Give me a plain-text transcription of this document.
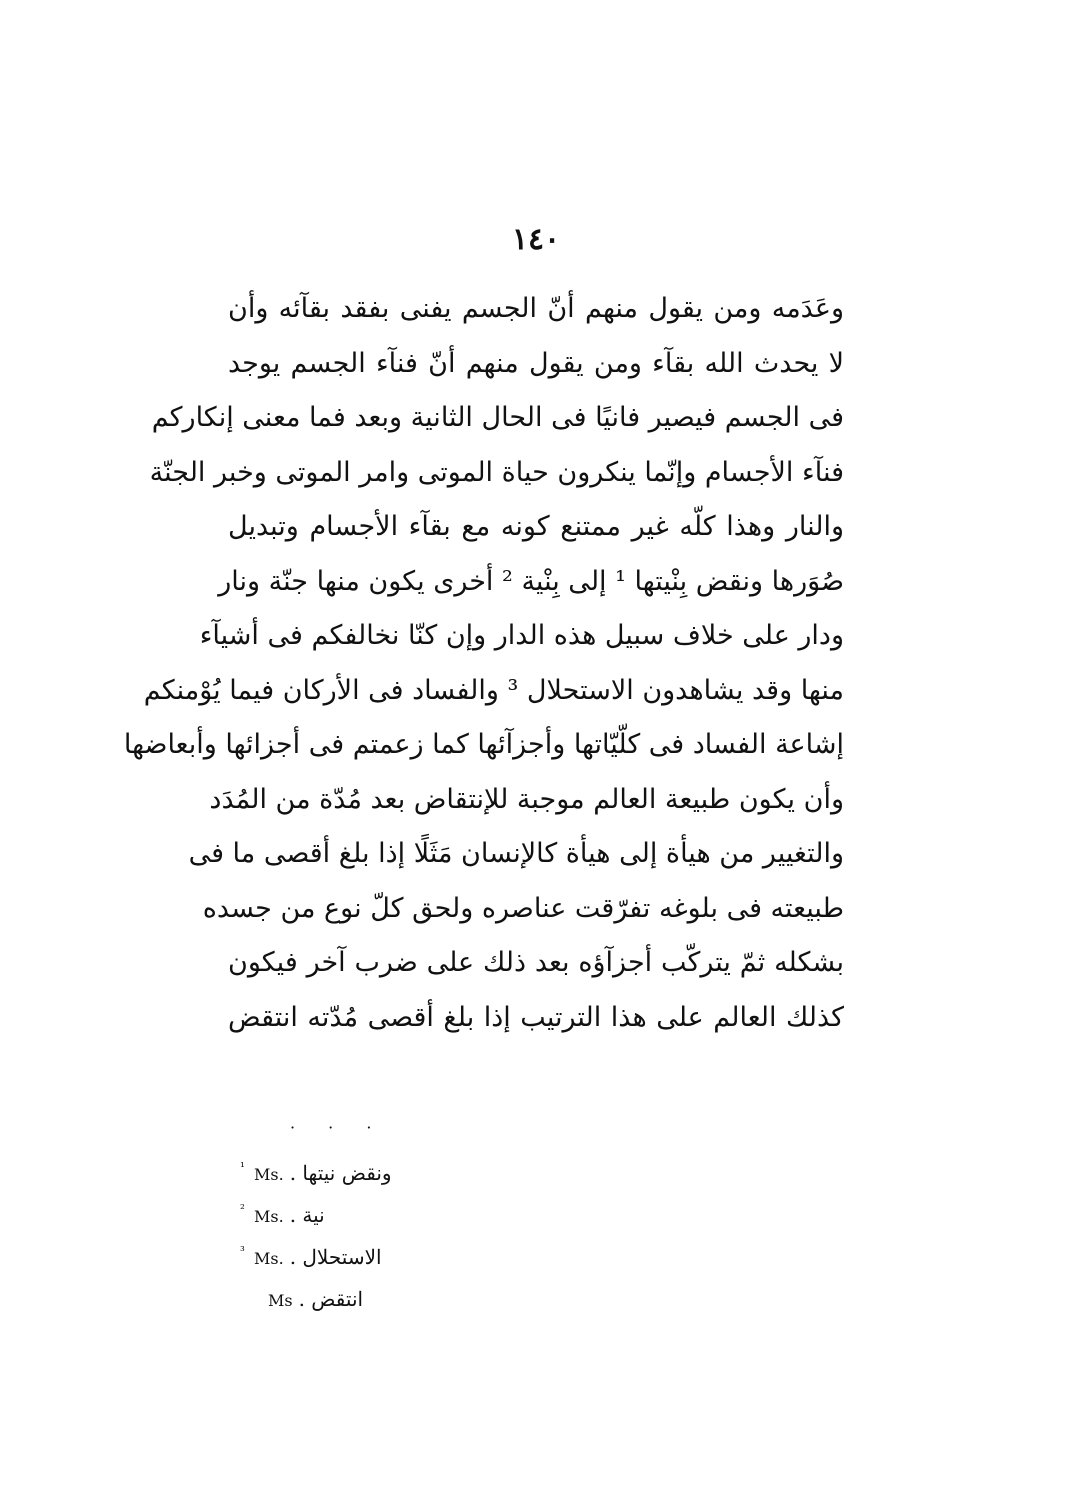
١٤٠
وعَدَمه ومن يقول منهم أنّ الجسم يفنى بفقد بقآئه وأن
لا يحدث الله بقآء ومن يقول منهم أنّ فنآء الجسم يوجد
فى الجسم فيصير فانيًا فى الحال الثانية وبعد فما معنى إنكاركم
فنآء الأجسام وإنّما ينكرون حياة الموتى وامر الموتى وخبر الجنّة
والنار وهذا كلّه غير ممتنع كونه مع بقآء الأجسام وتبديل
صُوَرها ونقض بِنْيتها ¹ إلى بِنْية ² أخرى يكون منها جنّة ونار
ودار على خلاف سبيل هذه الدار وإن كنّا نخالفكم فى أشيآء
منها وقد يشاهدون الاستحلال ³ والفساد فى الأركان فيما يُوْمنكم
إشاعة الفساد فى كلّيّاتها وأجزآئها كما زعمتم فى أجزائها وأبعاضها
وأن يكون طبيعة العالم موجبة للإنتقاض بعد مُدّة من المُدَد
والتغيير من هيأة إلى هيأة كالإنسان مَثَلًا إذا بلغ أقصى ما فى
طبيعته فى بلوغه تفرّقت عناصره ولحق كلّ نوع من جسده
بشكله ثمّ يتركّب أجزآؤه بعد ذلك على ضرب آخر فيكون
كذلك العالم على هذا الترتيب إذا بلغ أقصى مُدّته انتقض
· · ·
¹ Ms. ونقض نيتها .
² Ms. نية .
³ Ms. الاستحلال .
Ms انتقض .
